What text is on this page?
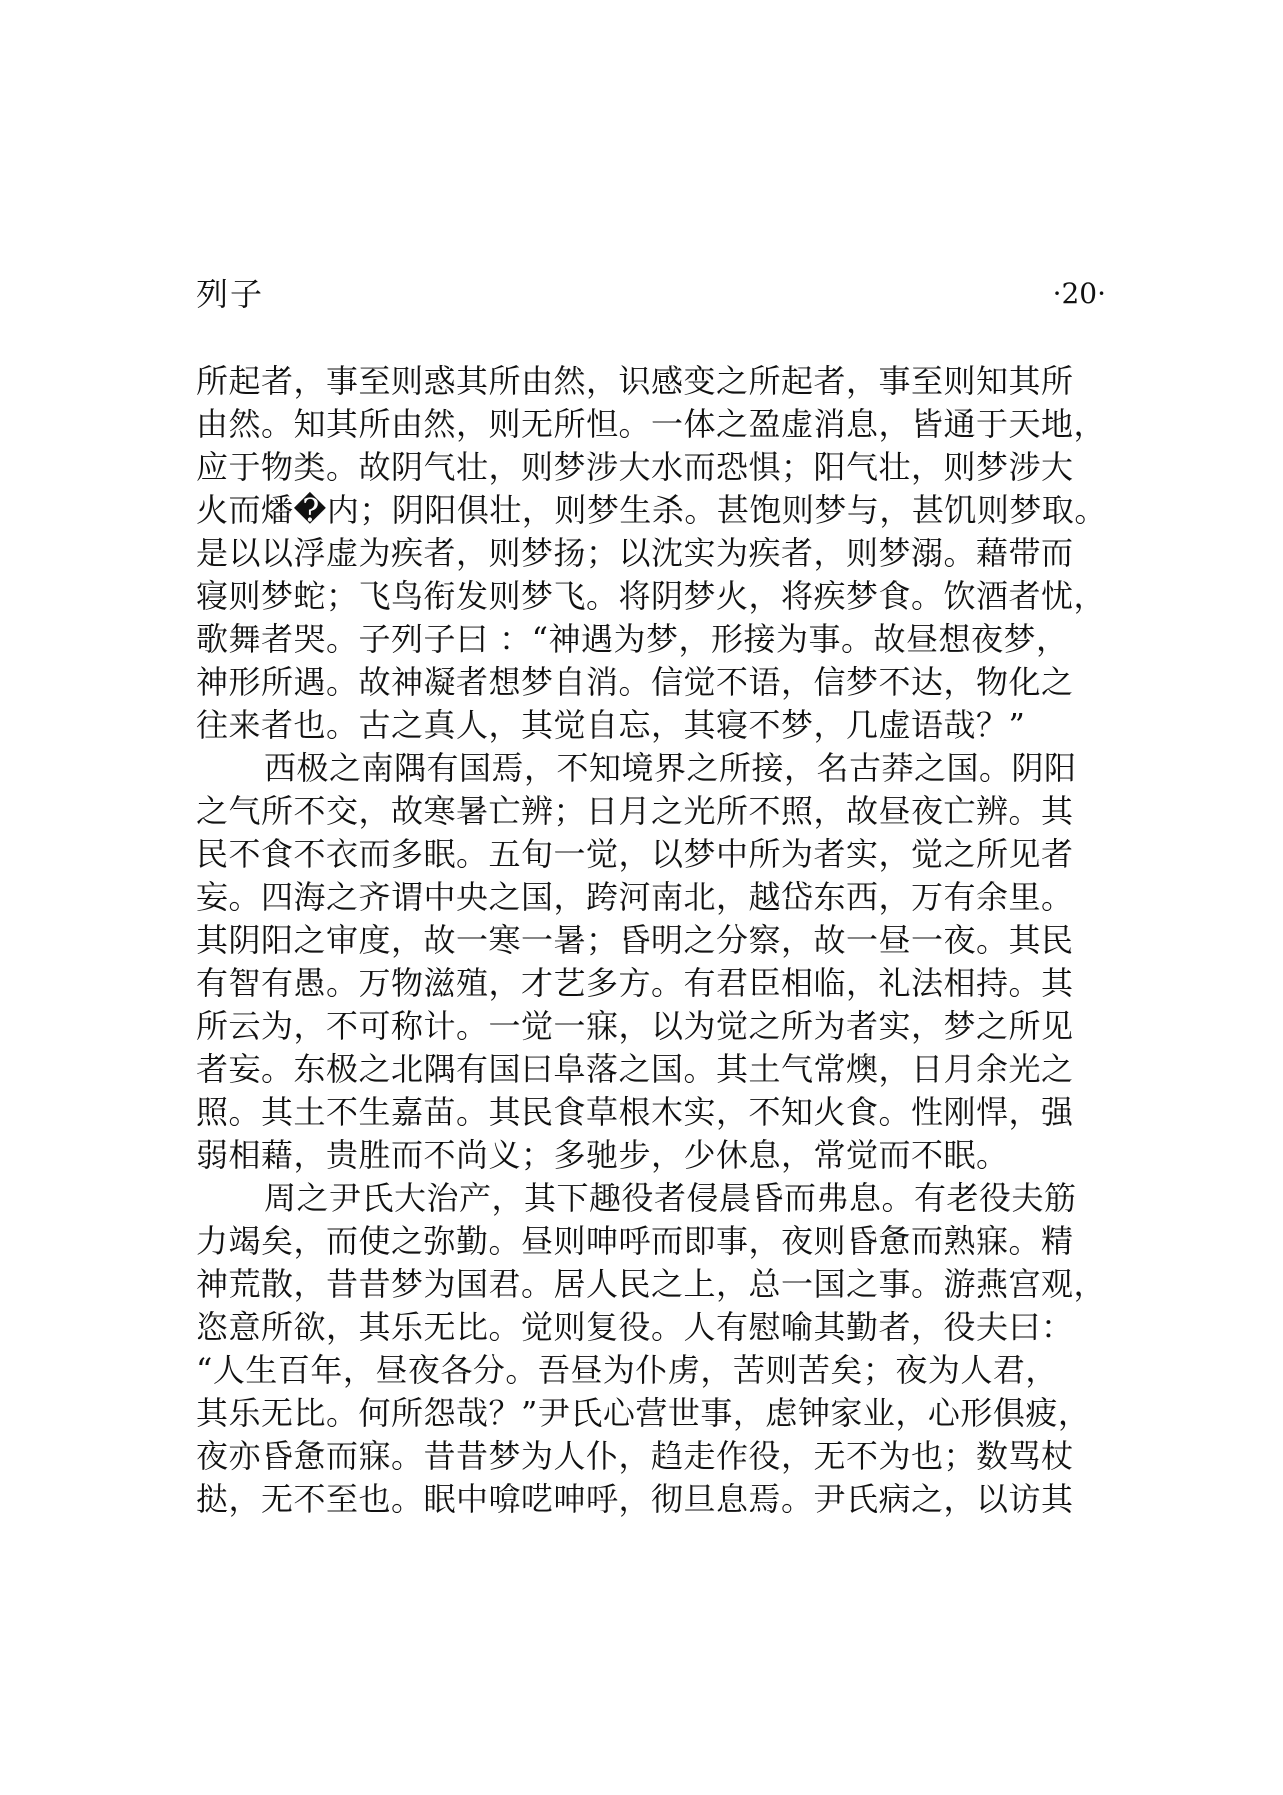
列子	·20·
所起者，事至则惑其所由然，识感变之所起者，事至则知其所
由然。知其所由然，则无所怛。一体之盈虚消息，皆通于天地，
应于物类。故阴气壮，则梦涉大水而恐惧；阳气壮，则梦涉大
火而燔�内；阴阳俱壮，则梦生杀。甚饱则梦与，甚饥则梦取。
是以以浮虚为疾者，则梦扬；以沈实为疾者，则梦溺。藉带而
寝则梦蛇；飞鸟衔发则梦飞。将阴梦火，将疾梦食。饮酒者忧，
歌舞者哭。子列子曰 ：“神遇为梦，形接为事。故昼想夜梦，
神形所遇。故神凝者想梦自消。信觉不语，信梦不达，物化之
往来者也。古之真人，其觉自忘，其寝不梦，几虚语哉？”
西极之南隅有国焉，不知境界之所接，名古莽之国。阴阳
之气所不交，故寒暑亡辨；日月之光所不照，故昼夜亡辨。其
民不食不衣而多眠。五旬一觉，以梦中所为者实，觉之所见者
妄。四海之齐谓中央之国，跨河南北，越岱东西，万有余里。
其阴阳之审度，故一寒一暑；昏明之分察，故一昼一夜。其民
有智有愚。万物滋殖，才艺多方。有君臣相临，礼法相持。其
所云为，不可称计。一觉一寐，以为觉之所为者实，梦之所见
者妄。东极之北隅有国曰阜落之国。其土气常燠，日月余光之
照。其土不生嘉苗。其民食草根木实，不知火食。性刚悍，强
弱相藉，贵胜而不尚义；多驰步，少休息，常觉而不眠。
周之尹氏大治产，其下趣役者侵晨昏而弗息。有老役夫筋
力竭矣，而使之弥勤。昼则呻呼而即事，夜则昏惫而熟寐。精
神荒散，昔昔梦为国君。居人民之上，总一国之事。游燕宫观，
恣意所欲，其乐无比。觉则复役。人有慰喻其勤者，役夫曰：
“人生百年，昼夜各分。吾昼为仆虏，苦则苦矣；夜为人君，
其乐无比。何所怨哉？”尹氏心营世事，虑钟家业，心形俱疲，
夜亦昏惫而寐。昔昔梦为人仆，趋走作役，无不为也；数骂杖
挞，无不至也。眠中啽呓呻呼，彻旦息焉。尹氏病之，以访其
